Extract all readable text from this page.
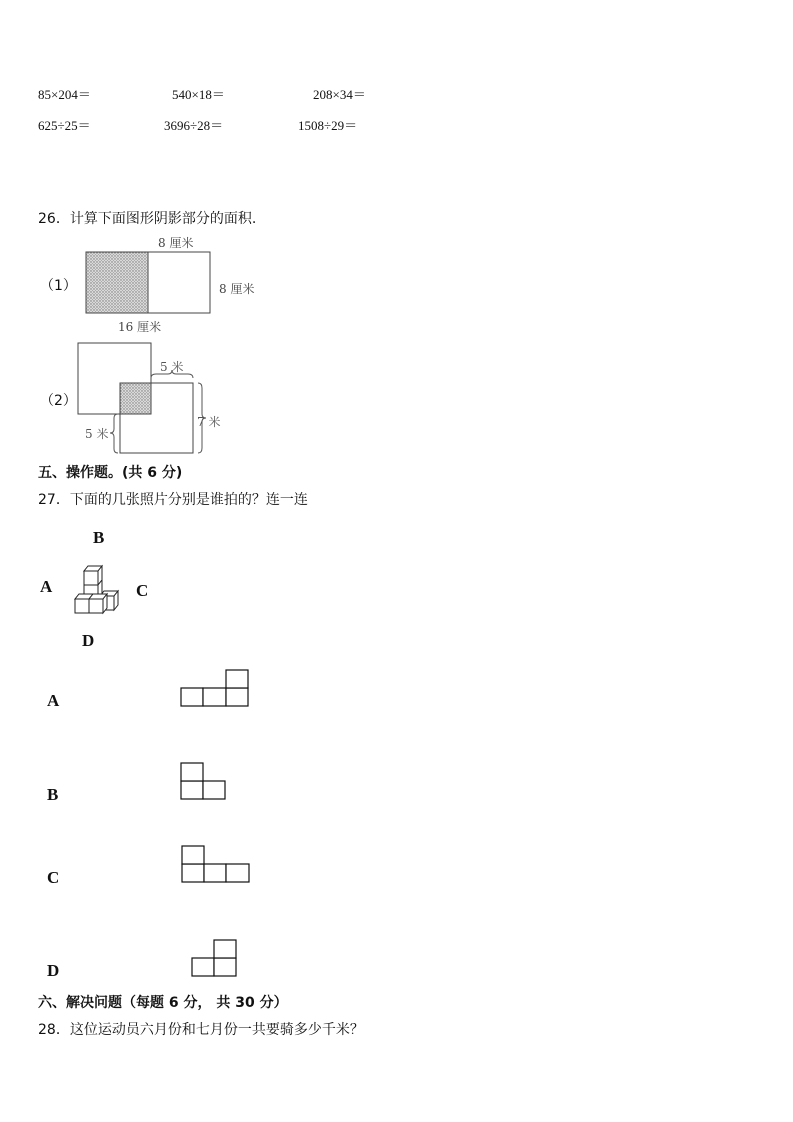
85×204＝	540×18＝	208×34＝
625÷25＝	3696÷28＝	1508÷29＝
26．计算下面图形阴影部分的面积.
（1）
8 厘米
8 厘米
16 厘米
（2）
5 米
7 米
5 米
五、操作题。(共 6 分)
27．下面的几张照片分别是谁拍的？连一连
B
A	C
D
A
B
C
D
六、解决问题（每题 6 分， 共 30 分）
28．这位运动员六月份和七月份一共要骑多少千米？
